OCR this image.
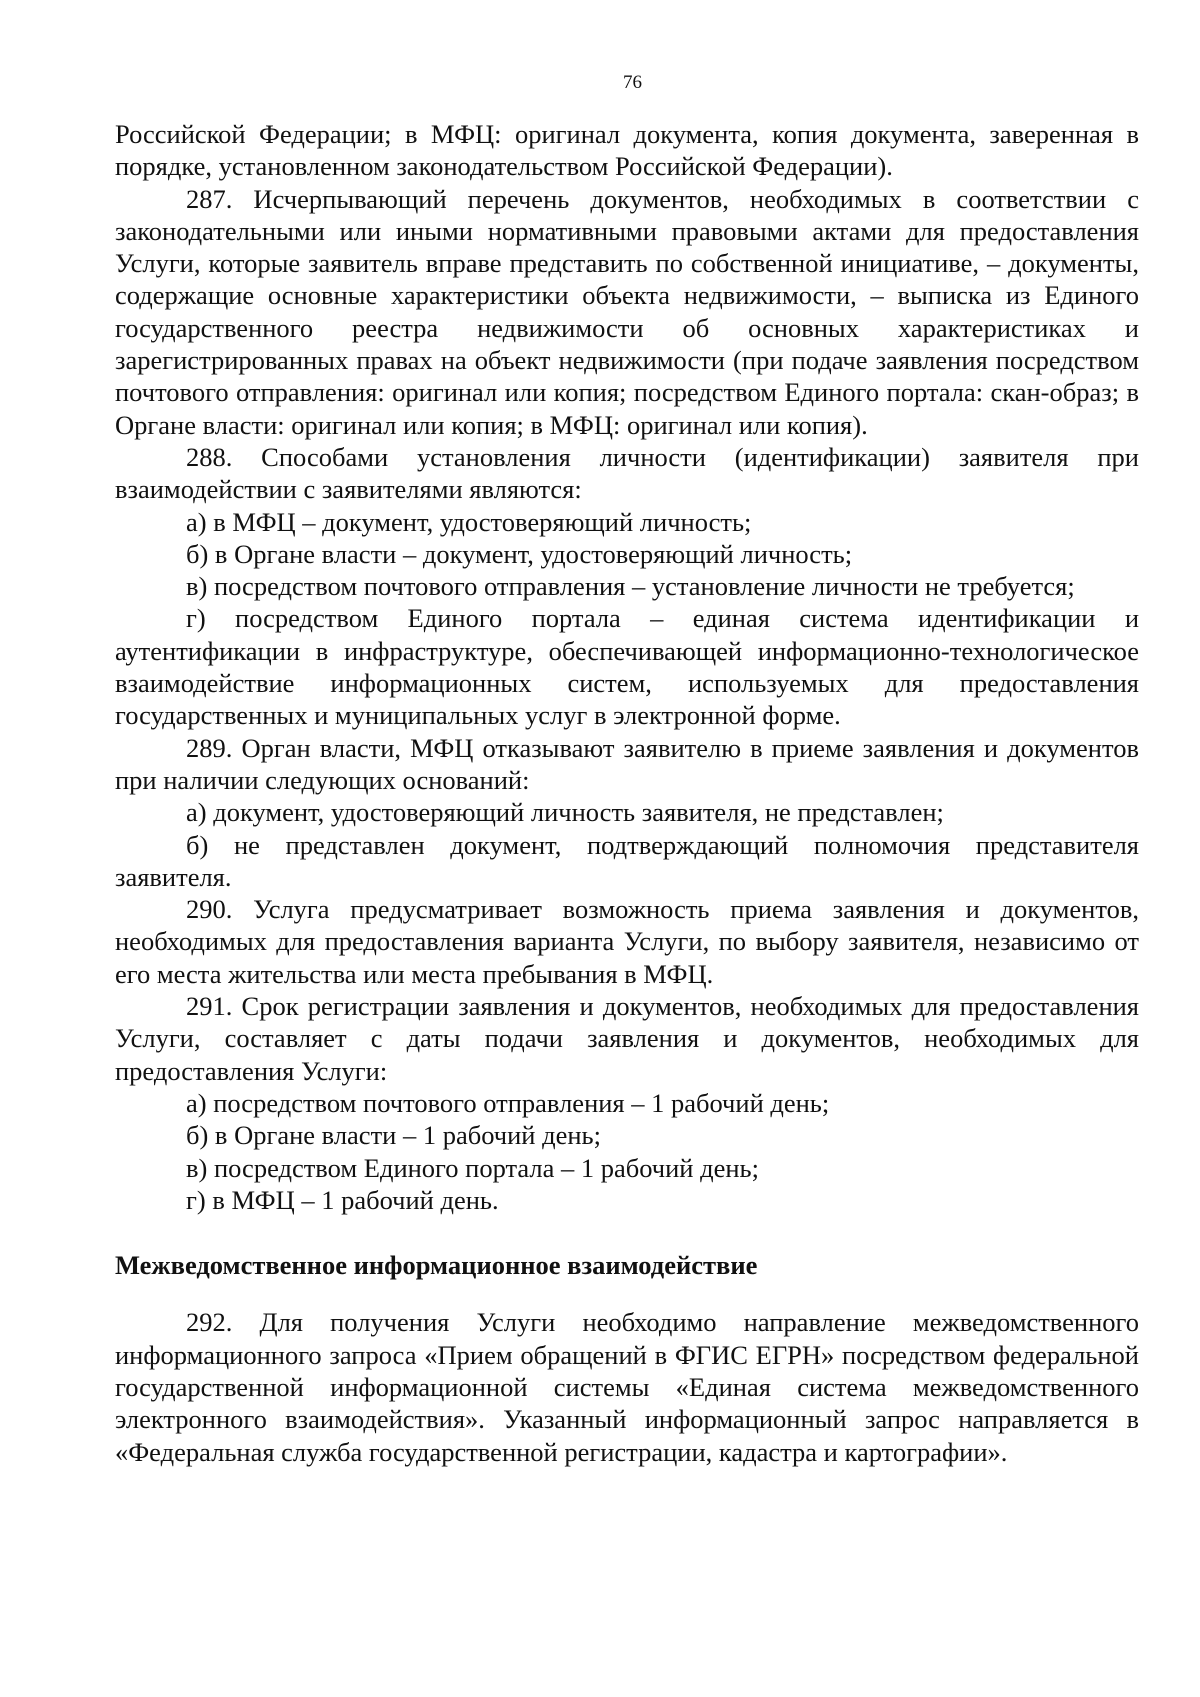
76

Российской Федерации; в МФЦ: оригинал документа, копия документа, заверенная в порядке, установленном законодательством Российской Федерации).

287. Исчерпывающий перечень документов, необходимых в соответствии с законодательными или иными нормативными правовыми актами для предоставления Услуги, которые заявитель вправе представить по собственной инициативе, – документы, содержащие основные характеристики объекта недвижимости, – выписка из Единого государственного реестра недвижимости об основных характеристиках и зарегистрированных правах на объект недвижимости (при подаче заявления посредством почтового отправления: оригинал или копия; посредством Единого портала: скан-образ; в Органе власти: оригинал или копия; в МФЦ: оригинал или копия).

288. Способами установления личности (идентификации) заявителя при взаимодействии с заявителями являются:

а) в МФЦ – документ, удостоверяющий личность;

б) в Органе власти – документ, удостоверяющий личность;

в) посредством почтового отправления – установление личности не требуется;

г) посредством Единого портала – единая система идентификации и аутентификации в инфраструктуре, обеспечивающей информационно-технологическое взаимодействие информационных систем, используемых для предоставления государственных и муниципальных услуг в электронной форме.

289. Орган власти, МФЦ отказывают заявителю в приеме заявления и документов при наличии следующих оснований:

а) документ, удостоверяющий личность заявителя, не представлен;

б) не представлен документ, подтверждающий полномочия представителя заявителя.

290. Услуга предусматривает возможность приема заявления и документов, необходимых для предоставления варианта Услуги, по выбору заявителя, независимо от его места жительства или места пребывания в МФЦ.

291. Срок регистрации заявления и документов, необходимых для предоставления Услуги, составляет с даты подачи заявления и документов, необходимых для предоставления Услуги:

а) посредством почтового отправления – 1 рабочий день;

б) в Органе власти – 1 рабочий день;

в) посредством Единого портала – 1 рабочий день;

г) в МФЦ – 1 рабочий день.

Межведомственное информационное взаимодействие

292. Для получения Услуги необходимо направление межведомственного информационного запроса «Прием обращений в ФГИС ЕГРН» посредством федеральной государственной информационной системы «Единая система межведомственного электронного взаимодействия». Указанный информационный запрос направляется в «Федеральная служба государственной регистрации, кадастра и картографии».
